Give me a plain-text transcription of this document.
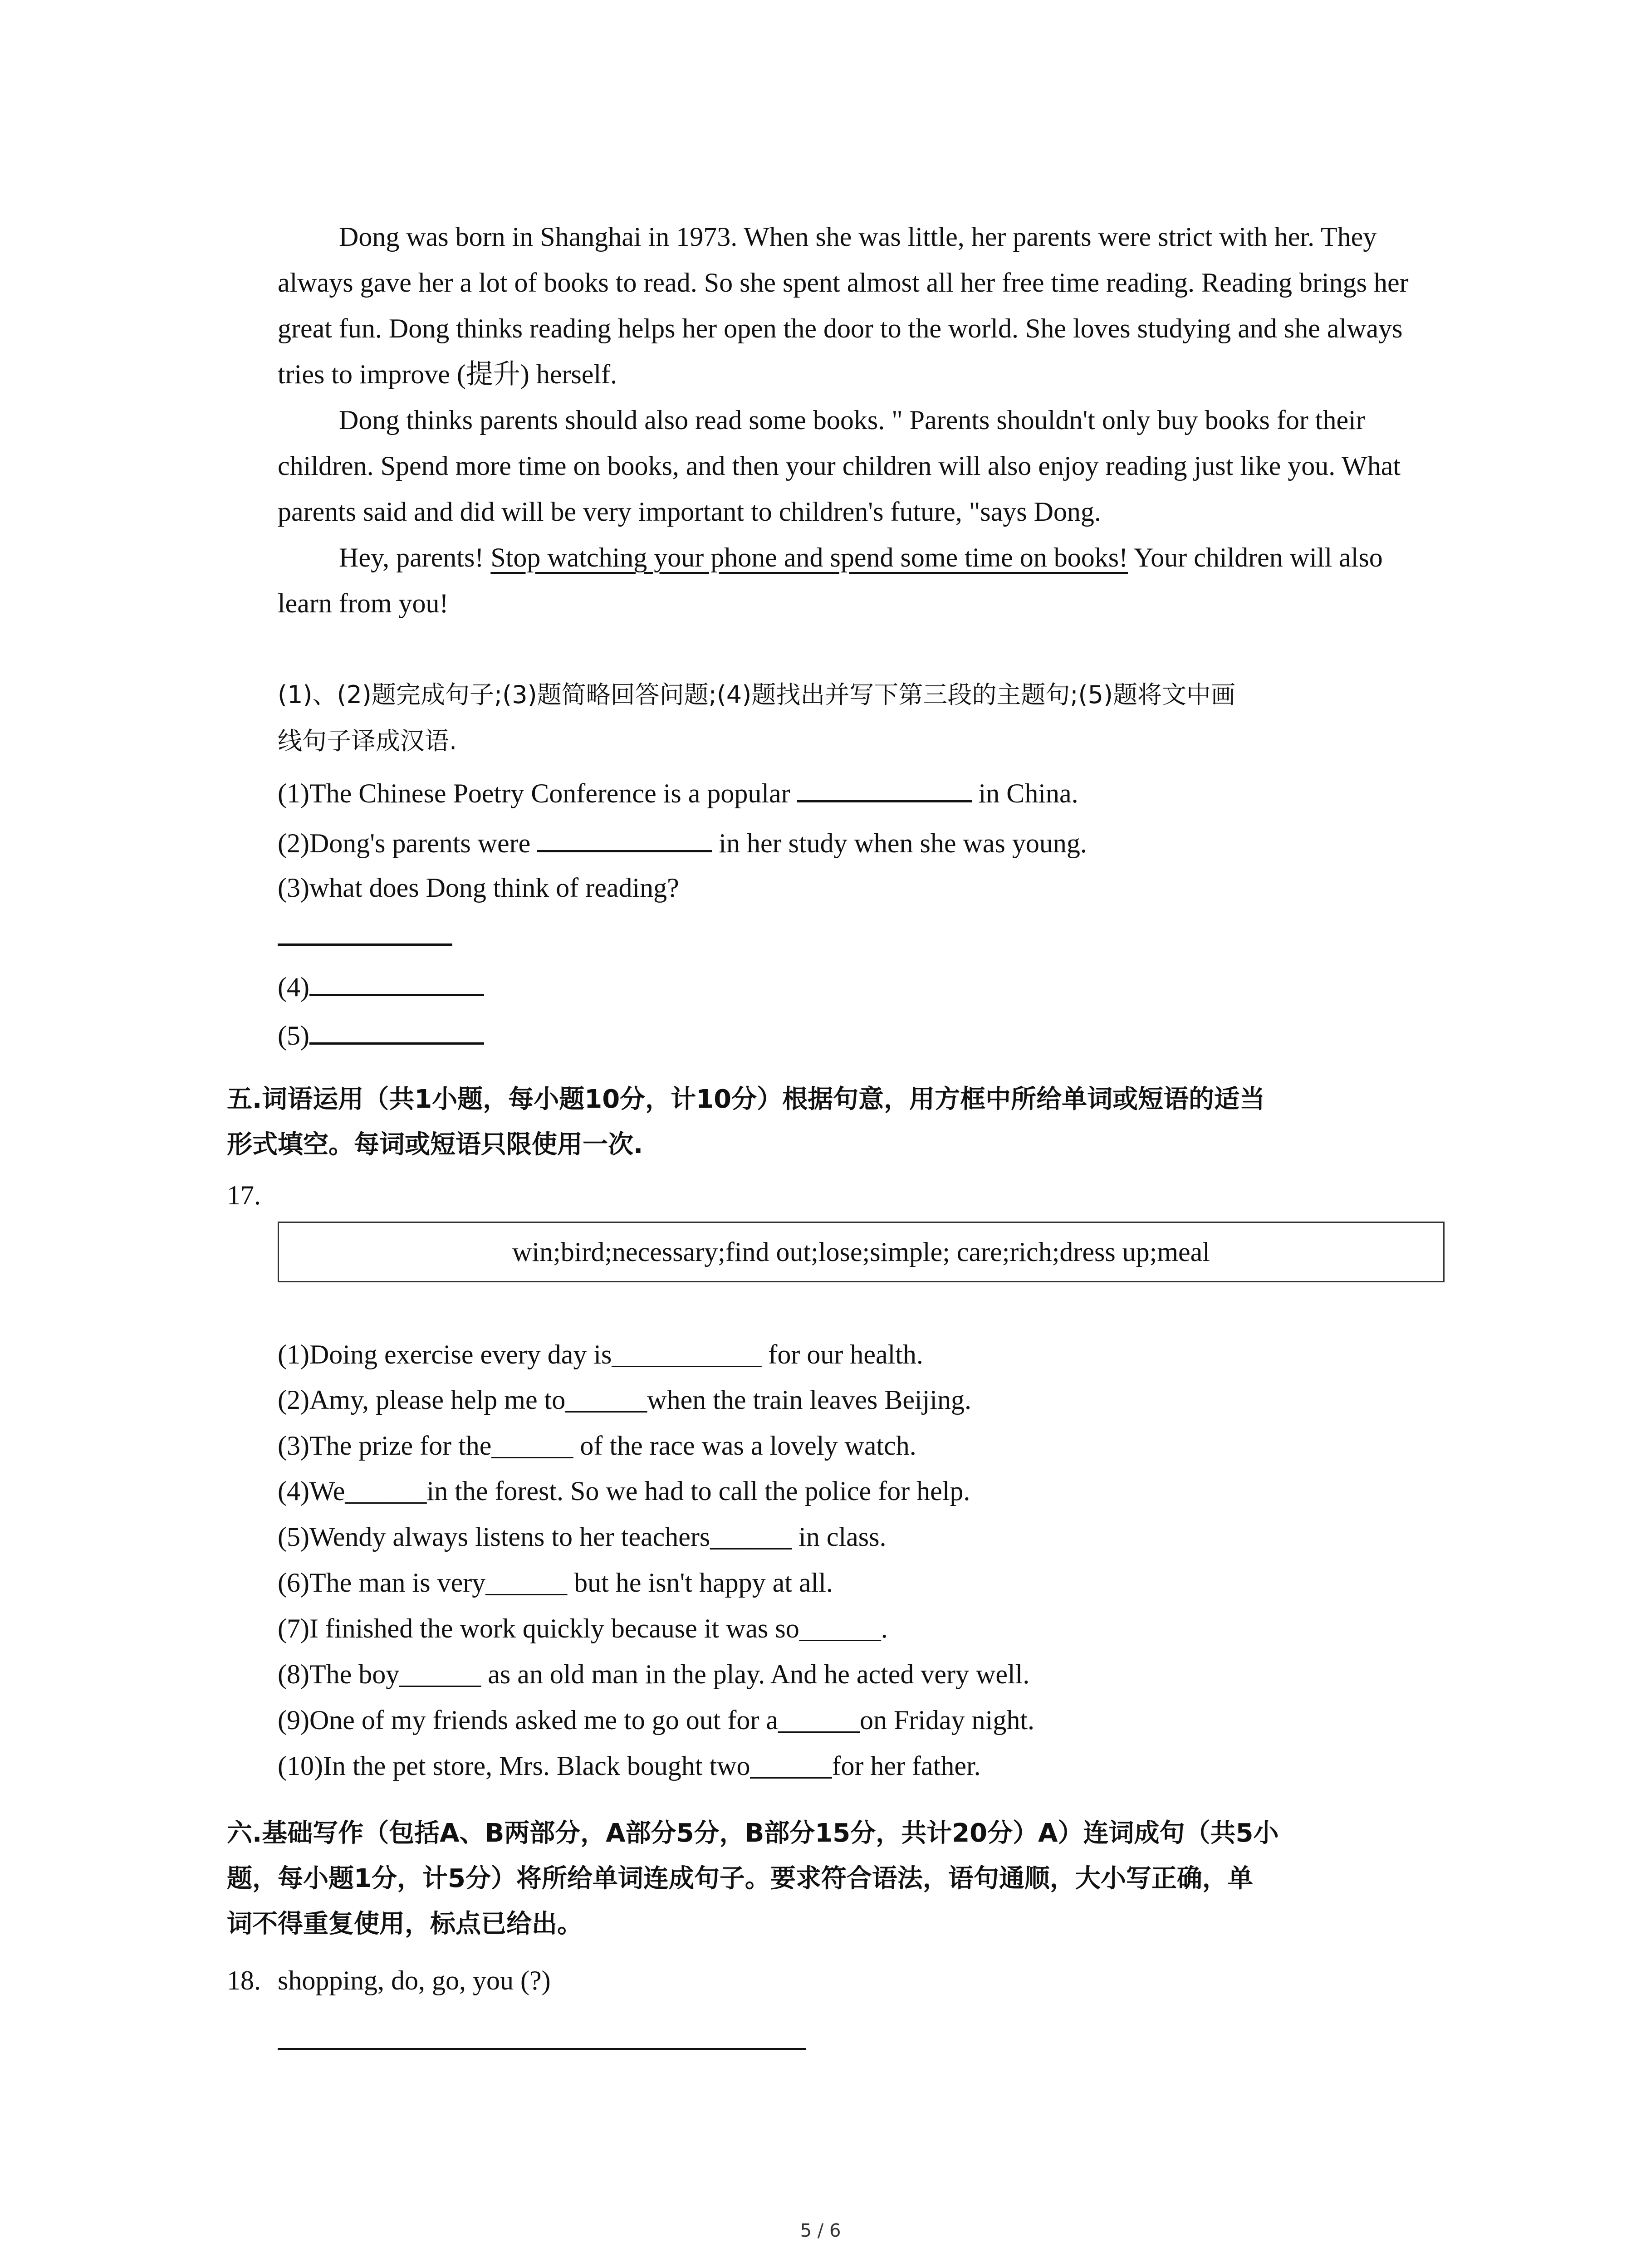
Dong was born in Shanghai in 1973. When she was little, her parents were strict with her. They always gave her a lot of books to read. So she spent almost all her free time reading. Reading brings her great fun. Dong thinks reading helps her open the door to the world. She loves studying and she always tries to improve (提升) herself.

Dong thinks parents should also read some books. " Parents shouldn't only buy books for their children. Spend more time on books, and then your children will also enjoy reading just like you. What parents said and did will be very important to children's future, "says Dong.

Hey, parents! Stop watching your phone and spend some time on books! Your children will also learn from you!

(1)、(2)题完成句子;(3)题简略回答问题;(4)题找出并写下第三段的主题句;(5)题将文中画
线句子译成汉语.
(1)The Chinese Poetry Conference is a popular	in China.
(2)Dong's parents were	in her study when she was young.
(3)what does Dong think of reading?
(4)
(5)
五.词语运用（共1小题，每小题10分，计10分）根据句意，用方框中所给单词或短语的适当
形式填空。每词或短语只限使用一次.
17.
win;bird;necessary;find out;lose;simple; care;rich;dress up;meal
(1)Doing exercise every day is___________ for our health.
(2)Amy, please help me to______when the train leaves Beijing.
(3)The prize for the______ of the race was a lovely watch.
(4)We______in the forest. So we had to call the police for help.
(5)Wendy always listens to her teachers______ in class.
(6)The man is very______ but he isn't happy at all.
(7)I finished the work quickly because it was so______.
(8)The boy______ as an old man in the play. And he acted very well.
(9)One of my friends asked me to go out for a______on Friday night.
(10)In the pet store, Mrs. Black bought two______for her father.
六.基础写作（包括A、B两部分，A部分5分，B部分15分，共计20分）A）连词成句（共5小
题，每小题1分，计5分）将所给单词连成句子。要求符合语法，语句通顺，大小写正确，单
词不得重复使用，标点已给出。
18. shopping, do, go, you (?)
5 / 6
